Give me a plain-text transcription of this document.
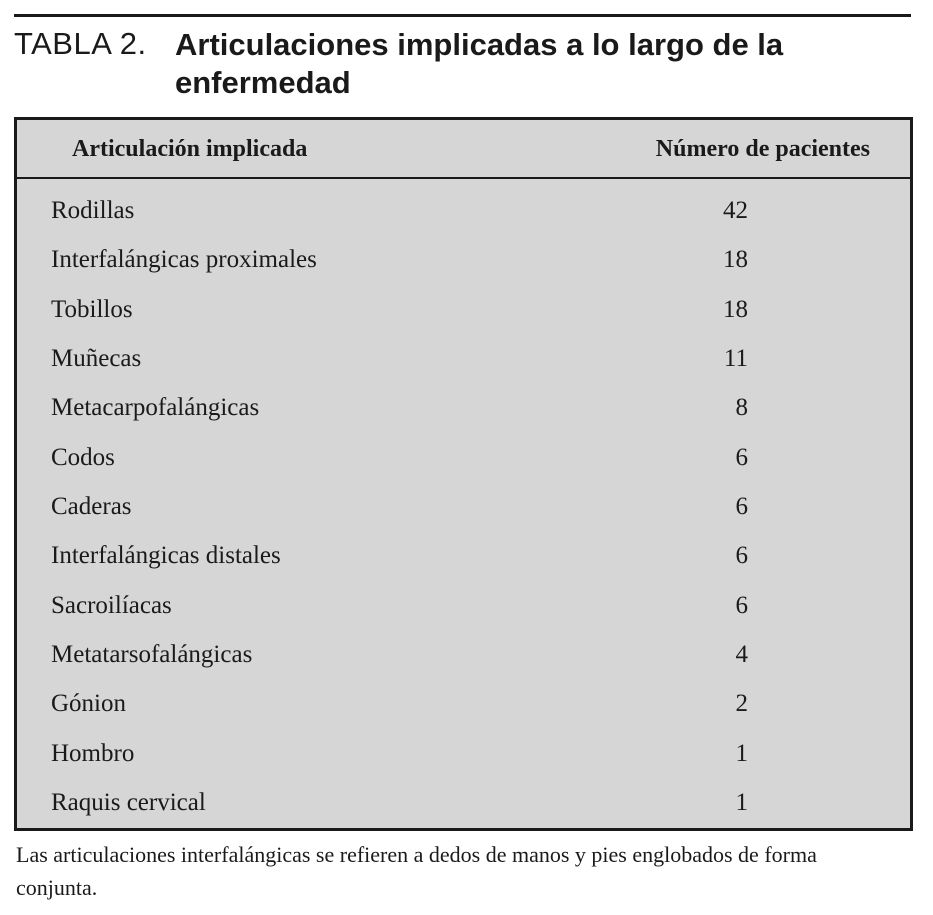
TABLA 2. Articulaciones implicadas a lo largo de la enfermedad
Articulación implicada	Número de pacientes
Rodillas	42
Interfalángicas proximales	18
Tobillos	18
Muñecas	11
Metacarpofalángicas	8
Codos	6
Caderas	6
Interfalángicas distales	6
Sacroilíacas	6
Metatarsofalángicas	4
Gónion	2
Hombro	1
Raquis cervical	1
Las articulaciones interfalángicas se refieren a dedos de manos y pies englobados de forma conjunta.
